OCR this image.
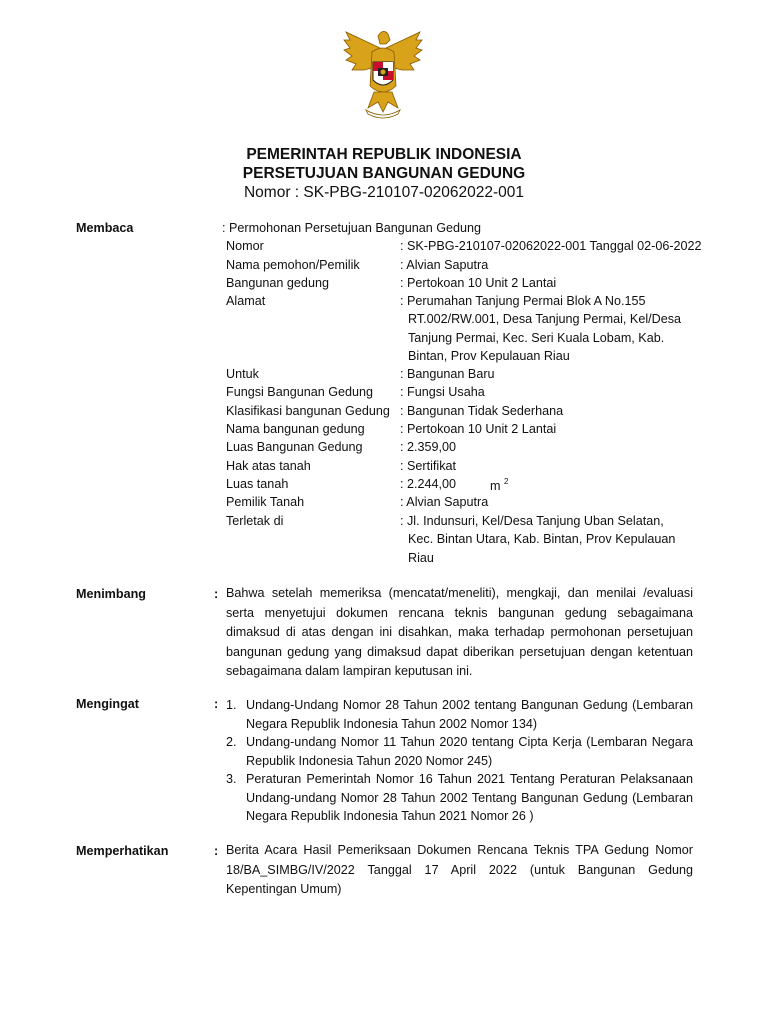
PEMERINTAH REPUBLIK INDONESIA
PERSETUJUAN BANGUNAN GEDUNG
Nomor : SK-PBG-210107-02062022-001
Membaca	: Permohonan Persetujuan Bangunan Gedung
Nomor	: SK-PBG-210107-02062022-001 Tanggal 02-06-2022
Nama pemohon/Pemilik	: Alvian Saputra
Bangunan gedung	: Pertokoan 10 Unit 2 Lantai
Alamat	: Perumahan Tanjung Permai Blok A No.155
RT.002/RW.001, Desa Tanjung Permai, Kel/Desa
Tanjung Permai, Kec. Seri Kuala Lobam, Kab.
Bintan, Prov Kepulauan Riau
Untuk	: Bangunan Baru
Fungsi Bangunan Gedung : Fungsi Usaha
Klasifikasi bangunan Gedung : Bangunan Tidak Sederhana
Nama bangunan gedung	: Pertokoan 10 Unit 2 Lantai
Luas Bangunan Gedung	: 2.359,00
Hak atas tanah	: Sertifikat
Luas tanah	: 2.244,00	m $^2$
Pemilik Tanah	: Alvian Saputra
Terletak di	: Jl. Indunsuri, Kel/Desa Tanjung Uban Selatan,
Kec. Bintan Utara, Kab. Bintan, Prov Kepulauan
Riau
Menimbang	: Bahwa setelah memeriksa (mencatat/meneliti), mengkaji, dan menilai /evaluasi serta menyetujui dokumen rencana teknis bangunan gedung sebagaimana dimaksud di atas dengan ini disahkan, maka terhadap permohonan persetujuan bangunan gedung yang dimaksud dapat diberikan persetujuan dengan ketentuan sebagaimana dalam lampiran keputusan ini.
Mengingat	: 1. Undang-Undang Nomor 28 Tahun 2002 tentang Bangunan Gedung (Lembaran Negara Republik Indonesia Tahun 2002 Nomor 134)
2. Undang-undang Nomor 11 Tahun 2020 tentang Cipta Kerja (Lembaran Negara Republik Indonesia Tahun 2020 Nomor 245)
3. Peraturan Pemerintah Nomor 16 Tahun 2021 Tentang Peraturan Pelaksanaan Undang-undang Nomor 28 Tahun 2002 Tentang Bangunan Gedung (Lembaran Negara Republik Indonesia Tahun 2021 Nomor 26 )
Memperhatikan	: Berita Acara Hasil Pemeriksaan Dokumen Rencana Teknis TPA Gedung Nomor 18/BA_SIMBG/IV/2022 Tanggal 17 April 2022 (untuk Bangunan Gedung Kepentingan Umum)
